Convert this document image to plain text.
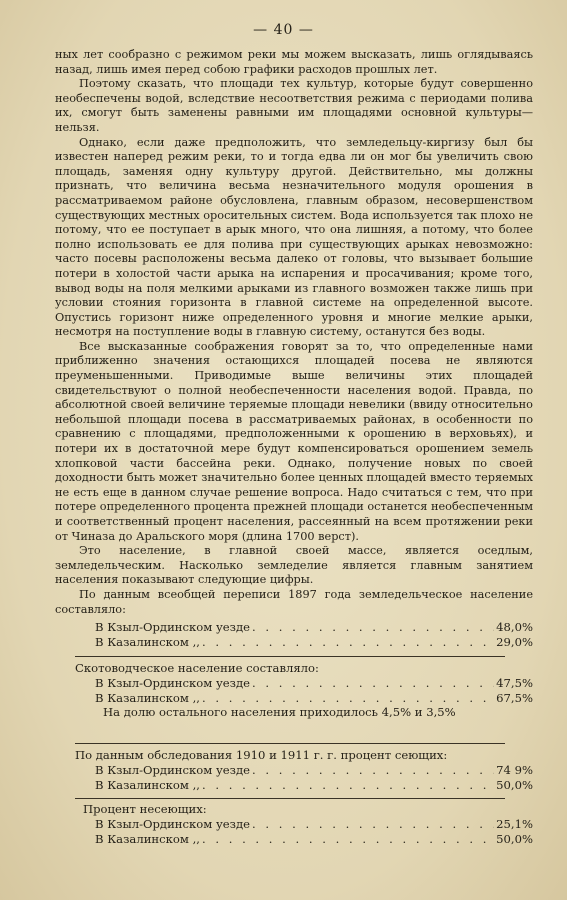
— 40 —

ных лет сообразно с режимом реки мы можем высказать, лишь оглядываясь назад, лишь имея перед собою графики расходов прошлых лет.

Поэтому сказать, что площади тех культур, которые будут совершенно необеспечены водой, вследствие несоответствия режима с периодами полива их, смогут быть заменены равными им площадями основной культуры—нельзя.

Однако, если даже предположить, что земледельцу-киргизу был бы известен наперед режим реки, то и тогда едва ли он мог бы увеличить свою площадь, заменяя одну культуру другой. Действительно, мы должны признать, что величина весьма незначительного модуля орошения в рассматриваемом районе обусловлена, главным образом, несовершенством существующих местных оросительных систем. Вода используется так плохо не потому, что ее поступает в арык много, что она лишняя, а потому, что более полно использовать ее для полива при существующих арыках невозможно: часто посевы расположены весьма далеко от головы, что вызывает большие потери в холостой части арыка на испарения и просачивания; кроме того, вывод воды на поля мелкими арыками из главного возможен также лишь при условии стояния горизонта в главной системе на определенной высоте. Опустись горизонт ниже определенного уровня и многие мелкие арыки, несмотря на поступление воды в главную систему, останутся без воды.

Все высказанные соображения говорят за то, что определенные нами приближенно значения остающихся площадей посева не являются преуменьшенными. Приводимые выше величины этих площадей свидетельствуют о полной необеспеченности населения водой. Правда, по абсолютной своей величине теряемые площади невелики (ввиду относительно небольшой площади посева в рассматриваемых районах, в особенности по сравнению с площадями, предположенными к орошению в верховьях), и потери их в достаточной мере будут компенсироваться орошением земель хлопковой части бассейна реки. Однако, получение новых по своей доходности быть может значительно более ценных площадей вместо теряемых не есть еще в данном случае решение вопроса. Надо считаться с тем, что при потере определенного процента прежней площади останется необеспеченным и соответственный процент населения, рассеянный на всем протяжении реки от Чиназа до Аральского моря (длина 1700 верст).

Это население, в главной своей массе, является оседлым, земледельческим. Насколько земледелие является главным занятием населения показывают следующие цифры.

По данным всеобщей переписи 1897 года земледельческое население составляло:

В Кзыл-Ординском уезде . . .	48,0%
В Казалинском ,, . . .	29,0%
Скотоводческое население составляло:
В Кзыл-Ординском уезде . . .	47,5%
В Казалинском ,, . . .	67,5%
На долю остального населения приходилось 4,5% и 3,5%
По данным обследования 1910 и 1911 г. г. процент сеющих:
В Кзыл-Ординском уезде . . .	74 9%
В Казалинском ,, . . .	50,0%
Процент несеющих:
В Кзыл-Ординском уезде . . .	25,1%
В Казалинском ,, . . .	50,0%
